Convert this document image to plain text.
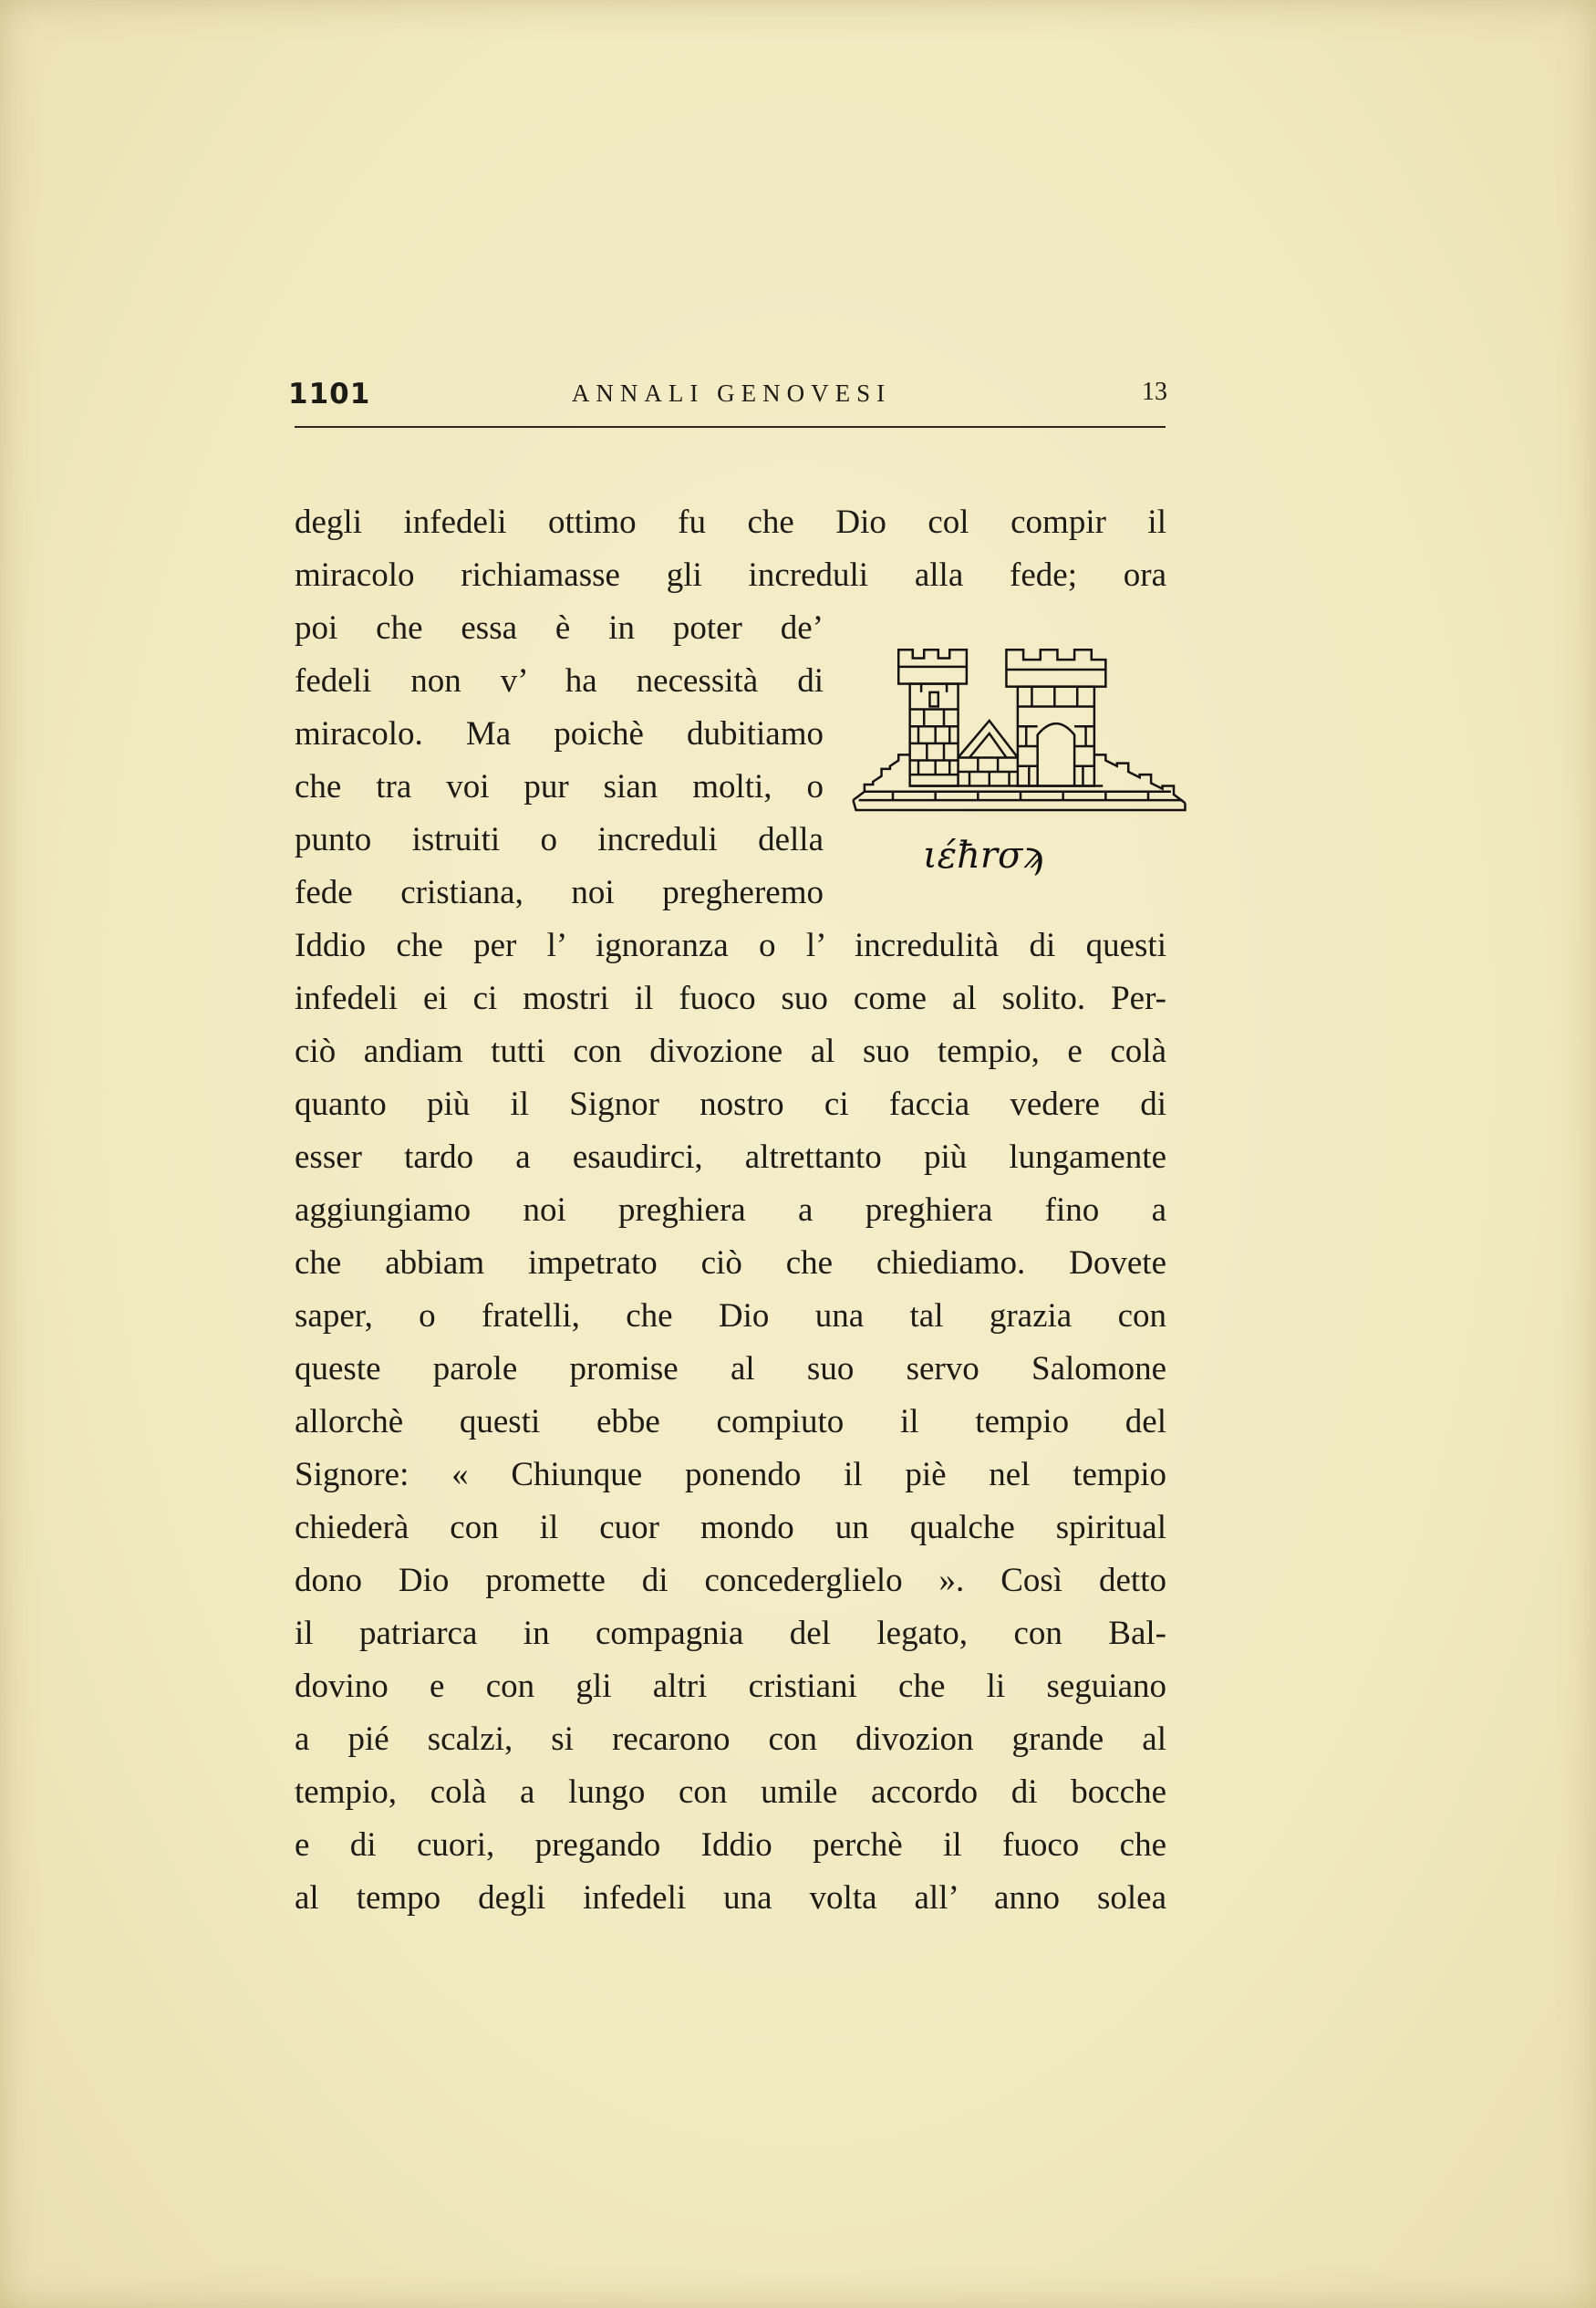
1101	ANNALI GENOVESI	13
degli infedeli ottimo fu che Dio col compir il
miracolo richiamasse gli increduli alla fede; ora
poi che essa è in poter de’
fedeli non v’ ha necessità di
miracolo. Ma poichè dubitiamo
che tra voi pur sian molti, o
punto istruiti o increduli della
fede cristiana, noi pregheremo
Iddio che per l’ ignoranza o l’ incredulità di questi
infedeli ei ci mostri il fuoco suo come al solito. Per-
ciò andiam tutti con divozione al suo tempio, e colà
quanto più il Signor nostro ci faccia vedere di
esser tardo a esaudirci, altrettanto più lungamente
aggiungiamo noi preghiera a preghiera fino a
che abbiam impetrato ciò che chiediamo. Dovete
saper, o fratelli, che Dio una tal grazia con
queste parole promise al suo servo Salomone
allorchè questi ebbe compiuto il tempio del
Signore: « Chiunque ponendo il piè nel tempio
chiederà con il cuor mondo un qualche spiritual
dono Dio promette di concederglielo ». Così detto
il patriarca in compagnia del legato, con Bal-
dovino e con gli altri cristiani che li seguiano
a pié scalzi, si recarono con divozion grande al
tempio, colà a lungo con umile accordo di bocche
e di cuori, pregando Iddio perchè il fuoco che
al tempo degli infedeli una volta all’ anno solea
ιέħrσϡ
